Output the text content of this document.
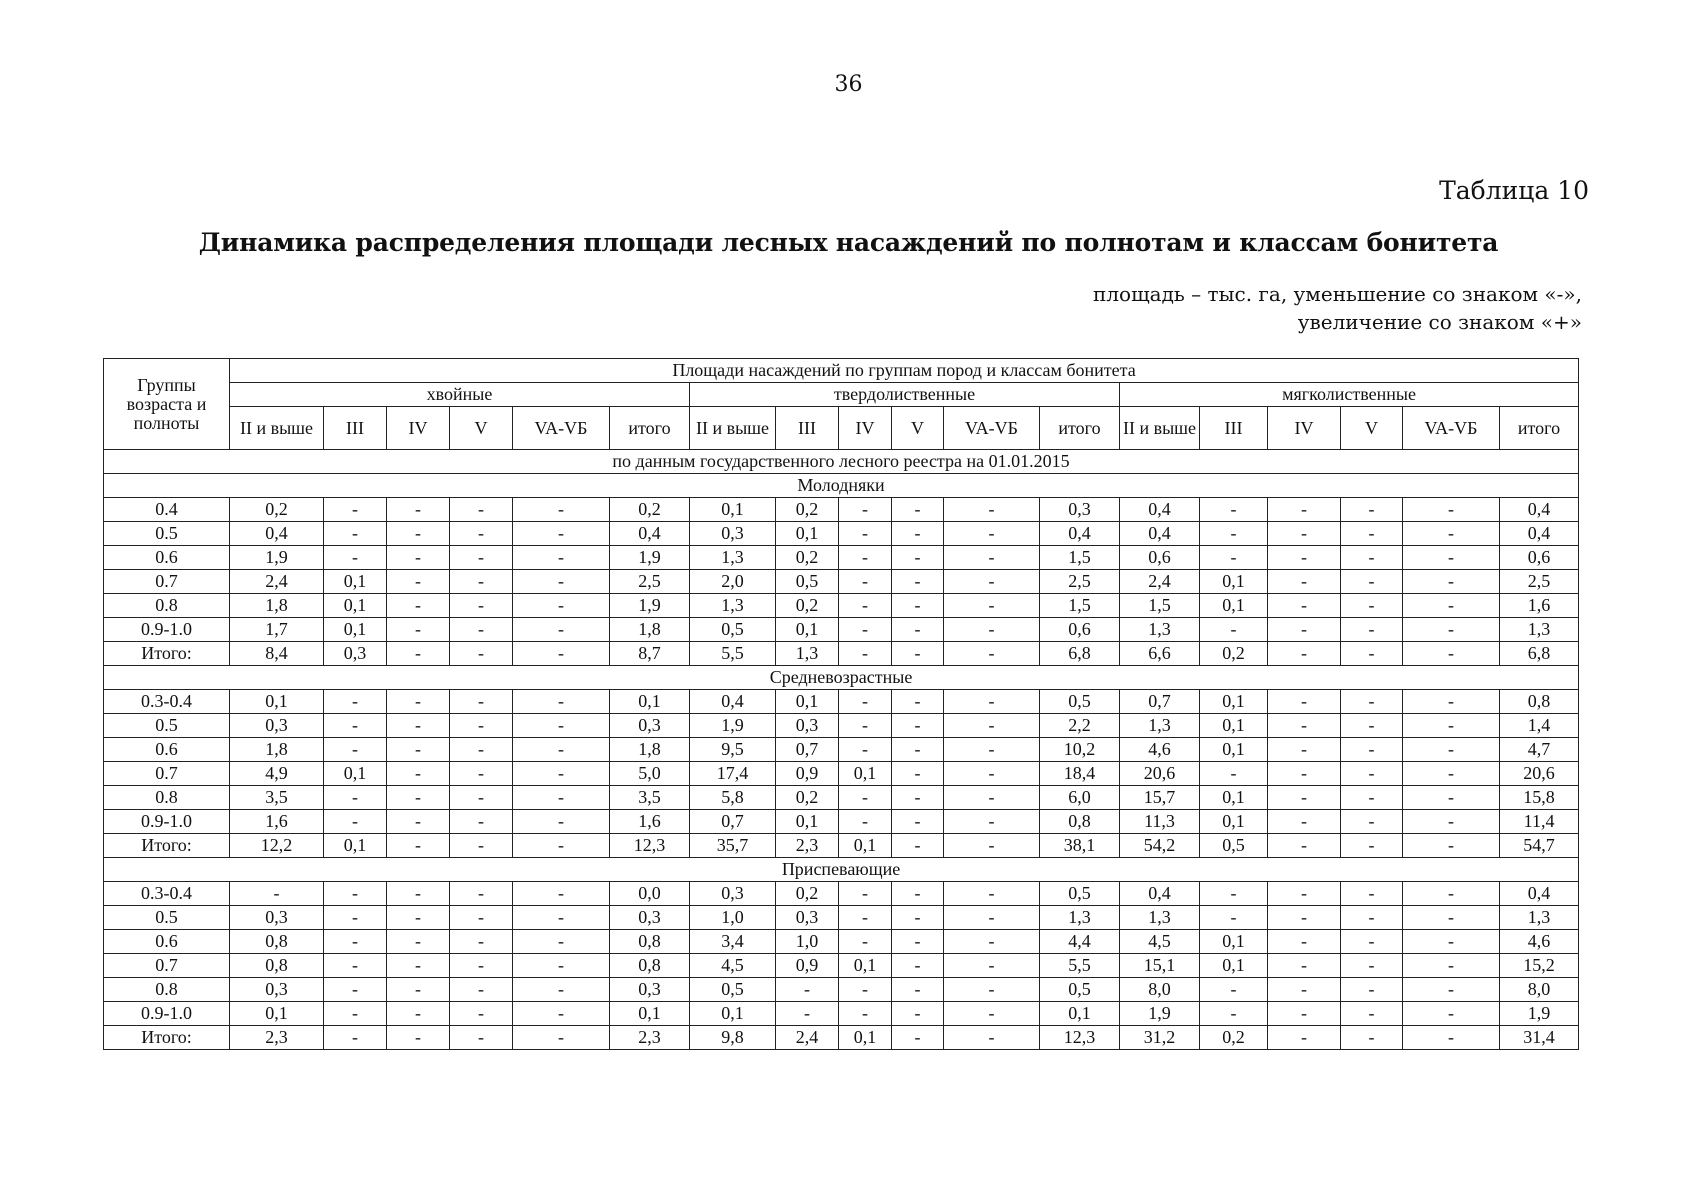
36
Таблица 10
Динамика распределения площади лесных насаждений по полнотам и классам бонитета
площадь – тыс. га, уменьшение со знаком «-»,
увеличение со знаком «+»
Группы возраста и полноты	Площади насаждений по группам пород и классам бонитета																	
	хвойные						твердолиственные						мягколиственные					
	II и выше	III	IV	V	VA-VБ	итого	II и выше	III	IV	V	VA-VБ	итого	II и выше	III	IV	V	VA-VБ	итого
по данным государственного лесного реестра на 01.01.2015																		
Молодняки																		
0.4	0,2	-	-	-	-	0,2	0,1	0,2	-	-	-	0,3	0,4	-	-	-	-	0,4
0.5	0,4	-	-	-	-	0,4	0,3	0,1	-	-	-	0,4	0,4	-	-	-	-	0,4
0.6	1,9	-	-	-	-	1,9	1,3	0,2	-	-	-	1,5	0,6	-	-	-	-	0,6
0.7	2,4	0,1	-	-	-	2,5	2,0	0,5	-	-	-	2,5	2,4	0,1	-	-	-	2,5
0.8	1,8	0,1	-	-	-	1,9	1,3	0,2	-	-	-	1,5	1,5	0,1	-	-	-	1,6
0.9-1.0	1,7	0,1	-	-	-	1,8	0,5	0,1	-	-	-	0,6	1,3	-	-	-	-	1,3
Итого:	8,4	0,3	-	-	-	8,7	5,5	1,3	-	-	-	6,8	6,6	0,2	-	-	-	6,8
Средневозрастные																		
0.3-0.4	0,1	-	-	-	-	0,1	0,4	0,1	-	-	-	0,5	0,7	0,1	-	-	-	0,8
0.5	0,3	-	-	-	-	0,3	1,9	0,3	-	-	-	2,2	1,3	0,1	-	-	-	1,4
0.6	1,8	-	-	-	-	1,8	9,5	0,7	-	-	-	10,2	4,6	0,1	-	-	-	4,7
0.7	4,9	0,1	-	-	-	5,0	17,4	0,9	0,1	-	-	18,4	20,6	-	-	-	-	20,6
0.8	3,5	-	-	-	-	3,5	5,8	0,2	-	-	-	6,0	15,7	0,1	-	-	-	15,8
0.9-1.0	1,6	-	-	-	-	1,6	0,7	0,1	-	-	-	0,8	11,3	0,1	-	-	-	11,4
Итого:	12,2	0,1	-	-	-	12,3	35,7	2,3	0,1	-	-	38,1	54,2	0,5	-	-	-	54,7
Приспевающие																		
0.3-0.4	-	-	-	-	-	0,0	0,3	0,2	-	-	-	0,5	0,4	-	-	-	-	0,4
0.5	0,3	-	-	-	-	0,3	1,0	0,3	-	-	-	1,3	1,3	-	-	-	-	1,3
0.6	0,8	-	-	-	-	0,8	3,4	1,0	-	-	-	4,4	4,5	0,1	-	-	-	4,6
0.7	0,8	-	-	-	-	0,8	4,5	0,9	0,1	-	-	5,5	15,1	0,1	-	-	-	15,2
0.8	0,3	-	-	-	-	0,3	0,5	-	-	-	-	0,5	8,0	-	-	-	-	8,0
0.9-1.0	0,1	-	-	-	-	0,1	0,1	-	-	-	-	0,1	1,9	-	-	-	-	1,9
Итого:	2,3	-	-	-	-	2,3	9,8	2,4	0,1	-	-	12,3	31,2	0,2	-	-	-	31,4
